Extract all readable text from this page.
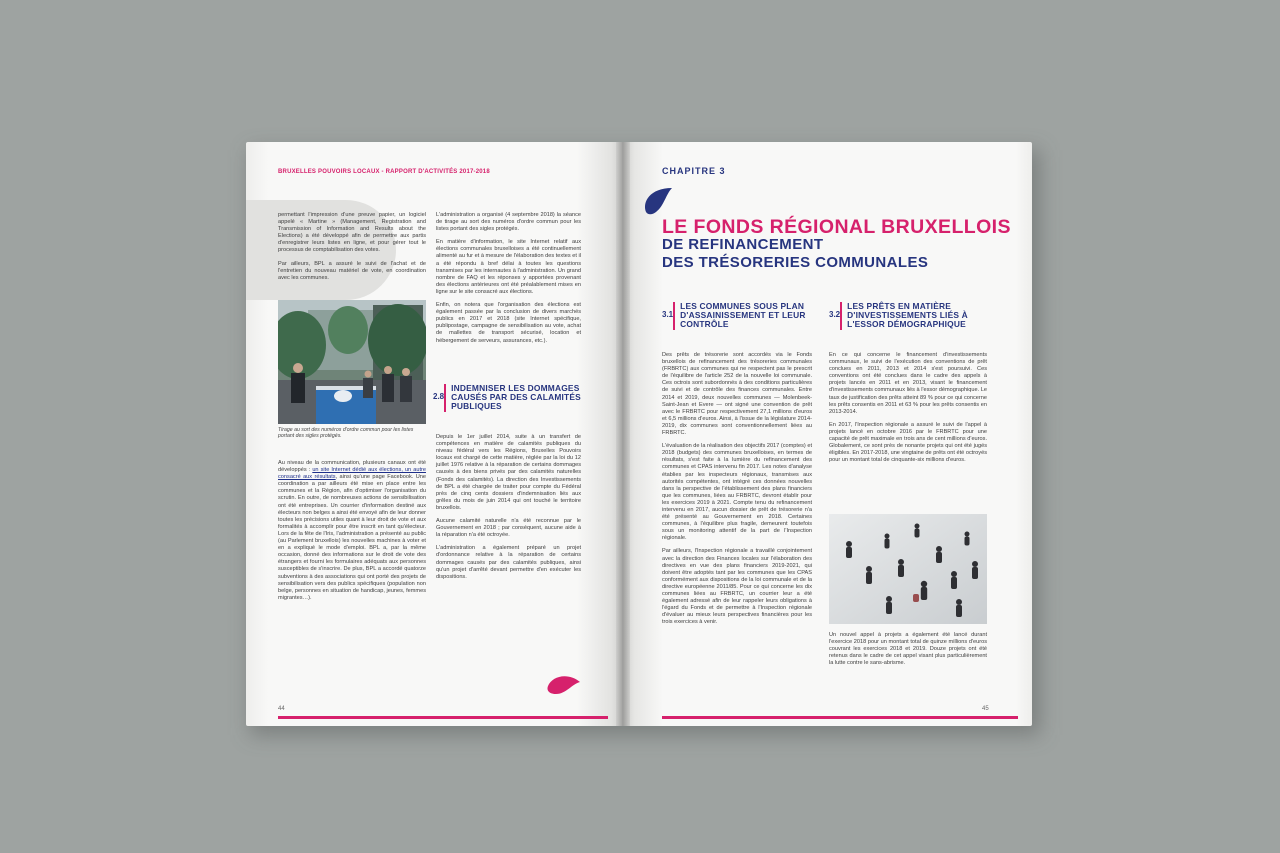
BRUXELLES POUVOIRS LOCAUX - RAPPORT D'ACTIVITÉS 2017-2018

permettant l'impression d'une preuve papier, un logiciel appelé « Martine » (Management, Registration and Transmission of Information and Results about the Elections) a été développé afin de permettre aux partis d'enregistrer leurs listes en ligne, et pour gérer tout le processus de comptabilisation des votes.

Par ailleurs, BPL a assuré le suivi de l'achat et de l'entretien du nouveau matériel de vote, en coordination avec les communes.

Tirage au sort des numéros d'ordre commun pour les listes portant des sigles protégés.

Au niveau de la communication, plusieurs canaux ont été développés : un site Internet dédié aux élections, un autre consacré aux résultats, ainsi qu'une page Facebook. Une coordination a par ailleurs été mise en place entre les communes et la Région, afin d'optimiser l'organisation du scrutin. En outre, de nombreuses actions de sensibilisation ont été entreprises. Un courrier d'information destiné aux électeurs non belges a ainsi été envoyé afin de leur donner toutes les précisions utiles quant à leur droit de vote et aux formalités à accomplir pour être inscrit en tant qu'électeur. Lors de la fête de l'Iris, l'administration a présenté au public (au Parlement bruxellois) les nouvelles machines à voter et en a expliqué le mode d'emploi. BPL a, par la même occasion, donné des informations sur le droit de vote des étrangers et fourni les formulaires adéquats aux personnes susceptibles de s'inscrire. De plus, BPL a accordé quatorze subventions à des associations qui ont porté des projets de sensibilisation vers des publics spécifiques (population non belge, personnes en situation de handicap, jeunes, femmes migrantes…).

L'administration a organisé (4 septembre 2018) la séance de tirage au sort des numéros d'ordre commun pour les listes portant des sigles protégés.

En matière d'information, le site Internet relatif aux élections communales bruxelloises a été continuellement alimenté au fur et à mesure de l'élaboration des textes et il a été répondu à bref délai à toutes les questions transmises par les internautes à l'administration. Un grand nombre de FAQ et les réponses y apportées provenant des élections antérieures ont été préalablement mises en ligne sur le site consacré aux élections.

Enfin, on notera que l'organisation des élections est également passée par la conclusion de divers marchés publics en 2017 et 2018 (site Internet spécifique, publipostage, campagne de sensibilisation au vote, achat de mallettes de transport sécurisé, location et hébergement de serveurs, assurances, etc.).

2.8
INDEMNISER LES DOMMAGES CAUSÉS PAR DES CALAMITÉS PUBLIQUES

Depuis le 1er juillet 2014, suite à un transfert de compétences en matière de calamités publiques du niveau fédéral vers les Régions, Bruxelles Pouvoirs locaux est chargé de cette matière, réglée par la loi du 12 juillet 1976 relative à la réparation de certains dommages causés à des biens privés par des calamités naturelles (Fonds des calamités). La direction des Investissements de BPL a été chargée de traiter pour compte du Fédéral près de cinq cents dossiers d'indemnisation liés aux grêles du mois de juin 2014 qui ont touché le territoire bruxellois.

Aucune calamité naturelle n'a été reconnue par le Gouvernement en 2018 ; par conséquent, aucune aide à la réparation n'a été octroyée.

L'administration a également préparé un projet d'ordonnance relative à la réparation de certains dommages causés par des calamités publiques, ainsi qu'un projet d'arrêté devant permettre d'en exécuter les dispositions.

44
CHAPITRE 3
LE FONDS RÉGIONAL BRUXELLOIS
DE REFINANCEMENT
DES TRÉSORERIES COMMUNALES
3.1
LES COMMUNES SOUS PLAN D'ASSAINISSEMENT ET LEUR CONTRÔLE
3.2
LES PRÊTS EN MATIÈRE D'INVESTISSEMENTS LIÉS À L'ESSOR DÉMOGRAPHIQUE

Des prêts de trésorerie sont accordés via le Fonds bruxellois de refinancement des trésoreries communales (FRBRTC) aux communes qui ne respectent pas le prescrit de l'équilibre de l'article 252 de la nouvelle loi communale. Ces octrois sont subordonnés à des conditions particulières de suivi et de contrôle des finances communales. Entre 2014 et 2019, deux nouvelles communes — Molenbeek-Saint-Jean et Evere — ont signé une convention de prêt avec le FRBRTC pour respectivement 27,1 millions d'euros et 6,5 millions d'euros. Ainsi, à l'issue de la législature 2014-2019, dix communes sont conventionnellement liées au FRBRTC.

L'évaluation de la réalisation des objectifs 2017 (comptes) et 2018 (budgets) des communes bruxelloises, en termes de résultats, s'est faite à la lumière du refinancement des communes et CPAS intervenu fin 2017. Les notes d'analyse établies par les inspecteurs régionaux, transmises aux autorités compétentes, ont intégré ces données nouvelles dans la perspective de l'établissement des plans financiers que les communes, liées au FRBRTC, devront établir pour les exercices 2019 à 2021. Compte tenu du refinancement intervenu en 2017, aucun dossier de prêt de trésorerie n'a été présenté au Gouvernement en 2018. Certaines communes, à l'équilibre plus fragile, demeurent toutefois sous un monitoring attentif de la part de l'Inspection régionale.

Par ailleurs, l'Inspection régionale a travaillé conjointement avec la direction des Finances locales sur l'élaboration des directives en vue des plans financiers 2019-2021, qui doivent être adoptés tant par les communes que les CPAS conformément aux dispositions de la loi communale et de la directive européenne 2011/85. Pour ce qui concerne les dix communes liées au FRBRTC, un courrier leur a été également adressé afin de leur rappeler leurs obligations à l'égard du Fonds et de permettre à l'Inspection régionale d'évaluer au mieux leurs perspectives financières pour les trois exercices à venir.

En ce qui concerne le financement d'investissements communaux, le suivi de l'exécution des conventions de prêt conclues en 2011, 2013 et 2014 s'est poursuivi. Ces conventions ont été conclues dans le cadre des appels à projets lancés en 2011 et en 2013, visant le financement d'investissements communaux liés à l'essor démographique. Le taux de justification des prêts atteint 89 % pour ce qui concerne les prêts consentis en 2011 et 63 % pour les prêts consentis en 2013-2014.

En 2017, l'Inspection régionale a assuré le suivi de l'appel à projets lancé en octobre 2016 par le FRBRTC pour une capacité de prêt maximale en trois ans de cent millions d'euros. Globalement, ce sont près de nonante projets qui ont été jugés éligibles. En 2017-2018, une vingtaine de prêts ont été octroyés pour un montant total de cinquante-six millions d'euros.

Un nouvel appel à projets a également été lancé durant l'exercice 2018 pour un montant total de quinze millions d'euros couvrant les exercices 2018 et 2019. Douze projets ont été retenus dans le cadre de cet appel visant plus particulièrement la lutte contre le sans-abrisme.

45
